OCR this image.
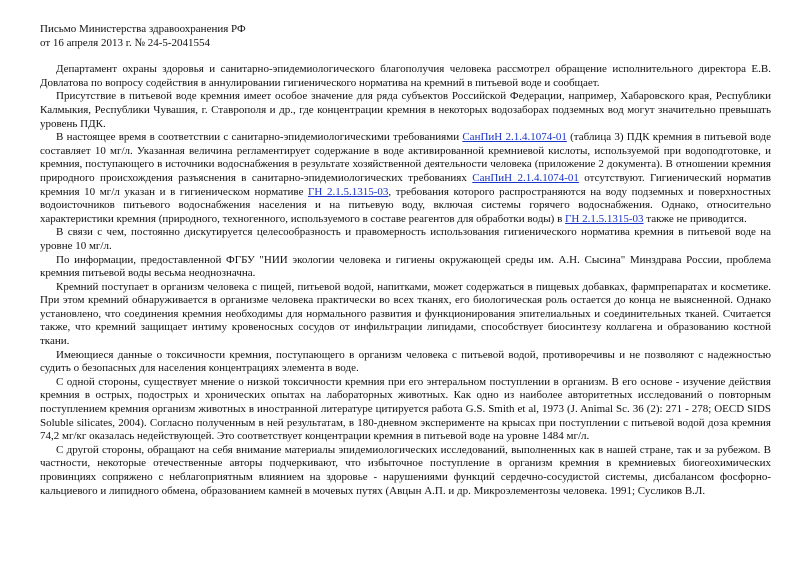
Письмо Министерства здравоохранения РФ
от 16 апреля 2013 г. № 24-5-2041554

Департамент охраны здоровья и санитарно-эпидемиологического благополучия человека рассмотрел обращение исполнительного директора Е.В. Довлатова по вопросу содействия в аннулировании гигиенического норматива на кремний в питьевой воде и сообщает.

Присутствие в питьевой воде кремния имеет особое значение для ряда субъектов Российской Федерации, например, Хабаровского края, Республики Калмыкия, Республики Чувашия, г. Ставрополя и др., где концентрации кремния в некоторых водозаборах подземных вод могут значительно превышать уровень ПДК.

В настоящее время в соответствии с санитарно-эпидемиологическими требованиями СанПиН 2.1.4.1074-01 (таблица 3) ПДК кремния в питьевой воде составляет 10 мг/л. Указанная величина регламентирует содержание в воде активированной кремниевой кислоты, используемой при водоподготовке, и кремния, поступающего в источники водоснабжения в результате хозяйственной деятельности человека (приложение 2 документа). В отношении кремния природного происхождения разъяснения в санитарно-эпидемиологических требованиях СанПиН 2.1.4.1074-01 отсутствуют. Гигиенический норматив кремния 10 мг/л указан и в гигиеническом нормативе ГН 2.1.5.1315-03, требования которого распространяются на воду подземных и поверхностных водоисточников питьевого водоснабжения населения и на питьевую воду, включая системы горячего водоснабжения. Однако, относительно характеристики кремния (природного, техногенного, используемого в составе реагентов для обработки воды) в ГН 2.1.5.1315-03 также не приводится.

В связи с чем, постоянно дискутируется целесообразность и правомерность использования гигиенического норматива кремния в питьевой воде на уровне 10 мг/л.

По информации, предоставленной ФГБУ "НИИ экологии человека и гигиены окружающей среды им. А.Н. Сысина" Минздрава России, проблема кремния питьевой воды весьма неоднозначна.

Кремний поступает в организм человека с пищей, питьевой водой, напитками, может содержаться в пищевых добавках, фармпрепаратах и косметике. При этом кремний обнаруживается в организме человека практически во всех тканях, его биологическая роль остается до конца не выясненной. Однако установлено, что соединения кремния необходимы для нормального развития и функционирования эпителиальных и соединительных тканей. Считается также, что кремний защищает интиму кровеносных сосудов от инфильтрации липидами, способствует биосинтезу коллагена и образованию костной ткани.

Имеющиеся данные о токсичности кремния, поступающего в организм человека с питьевой водой, противоречивы и не позволяют с надежностью судить о безопасных для населения концентрациях элемента в воде.

С одной стороны, существует мнение о низкой токсичности кремния при его энтеральном поступлении в организм. В его основе - изучение действия кремния в острых, подострых и хронических опытах на лабораторных животных. Как одно из наиболее авторитетных исследований о повторным поступлением кремния организм животных в иностранной литературе цитируется работа G.S. Smith et al, 1973 (J. Animal Sc. 36 (2): 271 - 278; OECD SIDS Soluble silicates, 2004). Согласно полученным в ней результатам, в 180-дневном эксперименте на крысах при поступлении с питьевой водой доза кремния 74,2 мг/кг оказалась недействующей. Это соответствует концентрации кремния в питьевой воде на уровне 1484 мг/л.

С другой стороны, обращают на себя внимание материалы эпидемиологических исследований, выполненных как в нашей стране, так и за рубежом. В частности, некоторые отечественные авторы подчеркивают, что избыточное поступление в организм кремния в кремниевых биогеохимических провинциях сопряжено с неблагоприятным влиянием на здоровье - нарушениями функций сердечно-сосудистой системы, дисбалансом фосфорно-кальциевого и липидного обмена, образованием камней в мочевых путях (Авцын А.П. и др. Микроэлементозы человека. 1991; Сусликов В.Л.
